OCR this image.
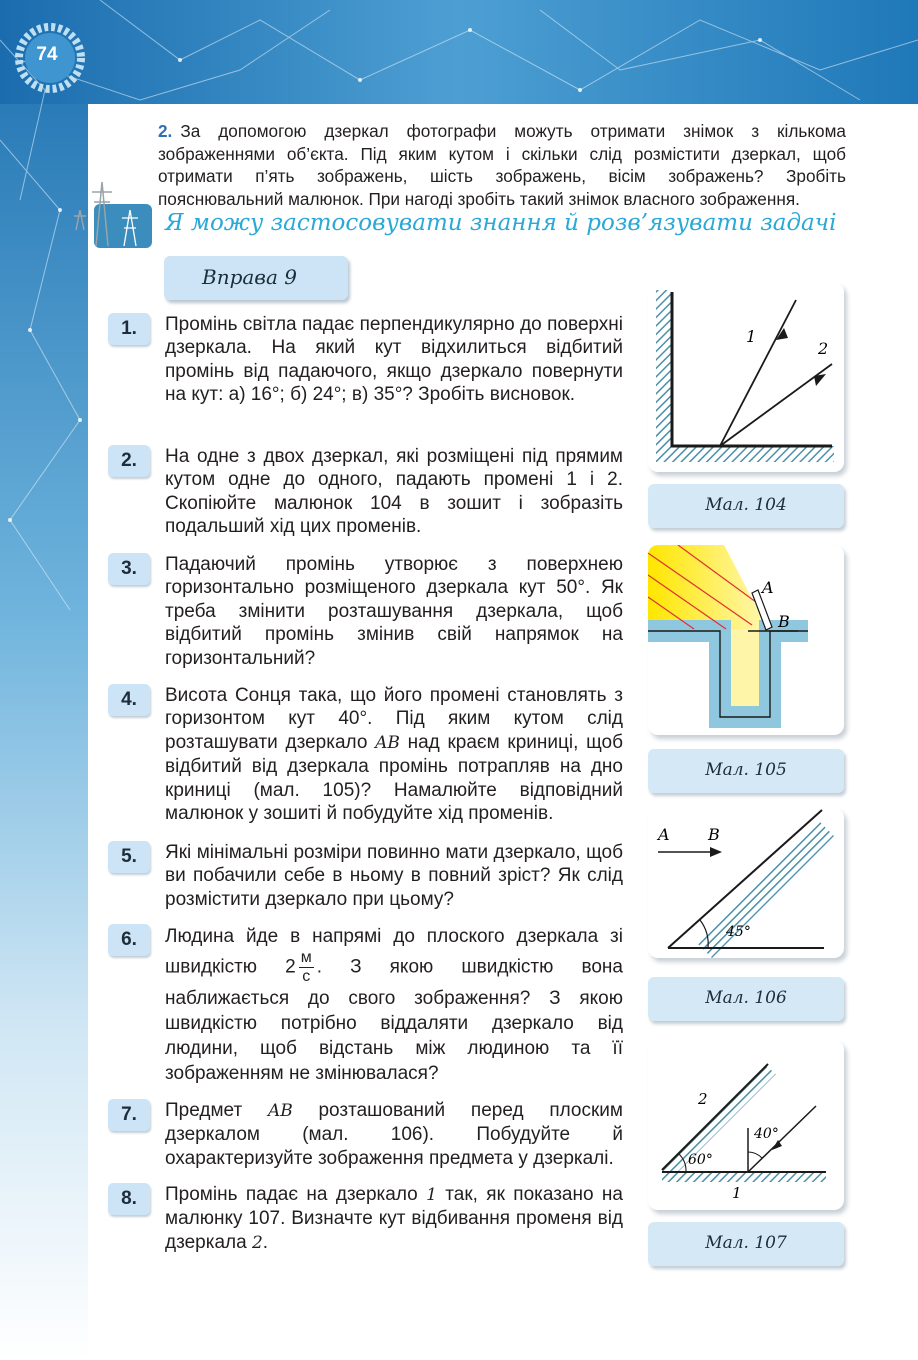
74
2. За допомогою дзеркал фотографи можуть отримати знімок з кількома зображеннями об’єкта. Під яким кутом і скільки слід розмістити дзеркал, щоб отримати п’ять зображень, шість зображень, вісім зображень? Зробіть пояснювальний малюнок. При нагоді зробіть такий знімок власного зображення.
Я можу застосовувати знання й розв’язувати задачі
Вправа 9
1.	Промінь світла падає перпендикулярно до поверхні дзеркала. На який кут відхилиться відбитий промінь від падаючого, якщо дзеркало повернути на кут: а) 16°; б) 24°; в) 35°? Зробіть висновок.
2.	На одне з двох дзеркал, які розміщені під прямим кутом одне до одного, падають промені 1 і 2. Скопіюйте малюнок 104 в зошит і зобразіть подальший хід цих променів.
3.	Падаючий промінь утворює з поверхнею горизонтально розміщеного дзеркала кут 50°. Як треба змінити розташування дзеркала, щоб відбитий промінь змінив свій напрямок на горизонтальний?
4.	Висота Сонця така, що його промені становлять з горизонтом кут 40°. Під яким кутом слід розташувати дзеркало AB над краєм криниці, щоб відбитий від дзеркала промінь потрапляв на дно криниці (мал. 105)? Намалюйте відповідний малюнок у зошиті й побудуйте хід променів.
5.	Які мінімальні розміри повинно мати дзеркало, щоб ви побачили себе в ньому в повний зріст? Як слід розмістити дзеркало при цьому?
6.	Людина йде в напрямі до плоского дзеркала зі швидкістю $2 \frac{м}{с}$ . З якою швидкістю вона наближається до свого зображення? З якою швидкістю потрібно віддаляти дзеркало від людини, щоб відстань між людиною та її зображенням не змінювалася?
7.	Предмет AB розташований перед плоским дзеркалом (мал. 106). Побудуйте й охарактеризуйте зображення предмета у дзеркалі.
8.	Промінь падає на дзеркало 1 так, як показано на малюнку 107. Визначте кут відбивання променя від дзеркала 2.
1
2
Мал. 104
A
B
Мал. 105
A B
45°
Мал. 106
2
40°
60°
1
Мал. 107
